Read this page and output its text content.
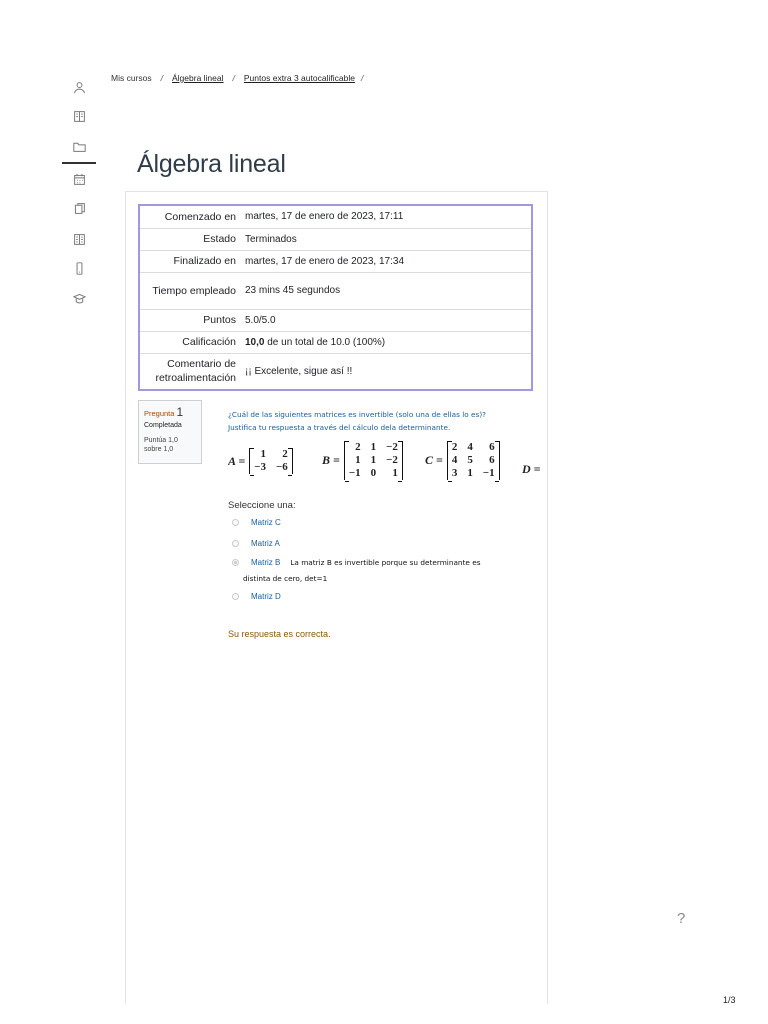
Mis cursos / Álgebra lineal / Puntos extra 3 autocalificable /
Álgebra lineal
Comenzado en	martes, 17 de enero de 2023, 17:11
Estado	Terminados
Finalizado en	martes, 17 de enero de 2023, 17:34
Tiempo empleado	23 mins 45 segundos
Puntos	5.0/5.0
Calificación	10,0 de un total de 10.0 (100%)
Comentario de retroalimentación	¡¡ Excelente, sigue así !!
Pregunta 1
Completada
Puntúa 1,0 sobre 1,0
¿Cuál de las siguientes matrices es invertible (solo una de ellas lo es)?
Justifica tu respuesta a través del cálculo dela determinante.
A =	1	2
−3 −6	B =
2 1 −2
1 1 −2
−1 0	1
C =
2 4	6
4 5	6
3 1 −1 D =
Seleccione una:
Matriz C
Matriz A
Matriz B La matriz B es invertible porque su determinante es
distinta de cero, det=1
Matriz D
Su respuesta es correcta.
?
1/3
